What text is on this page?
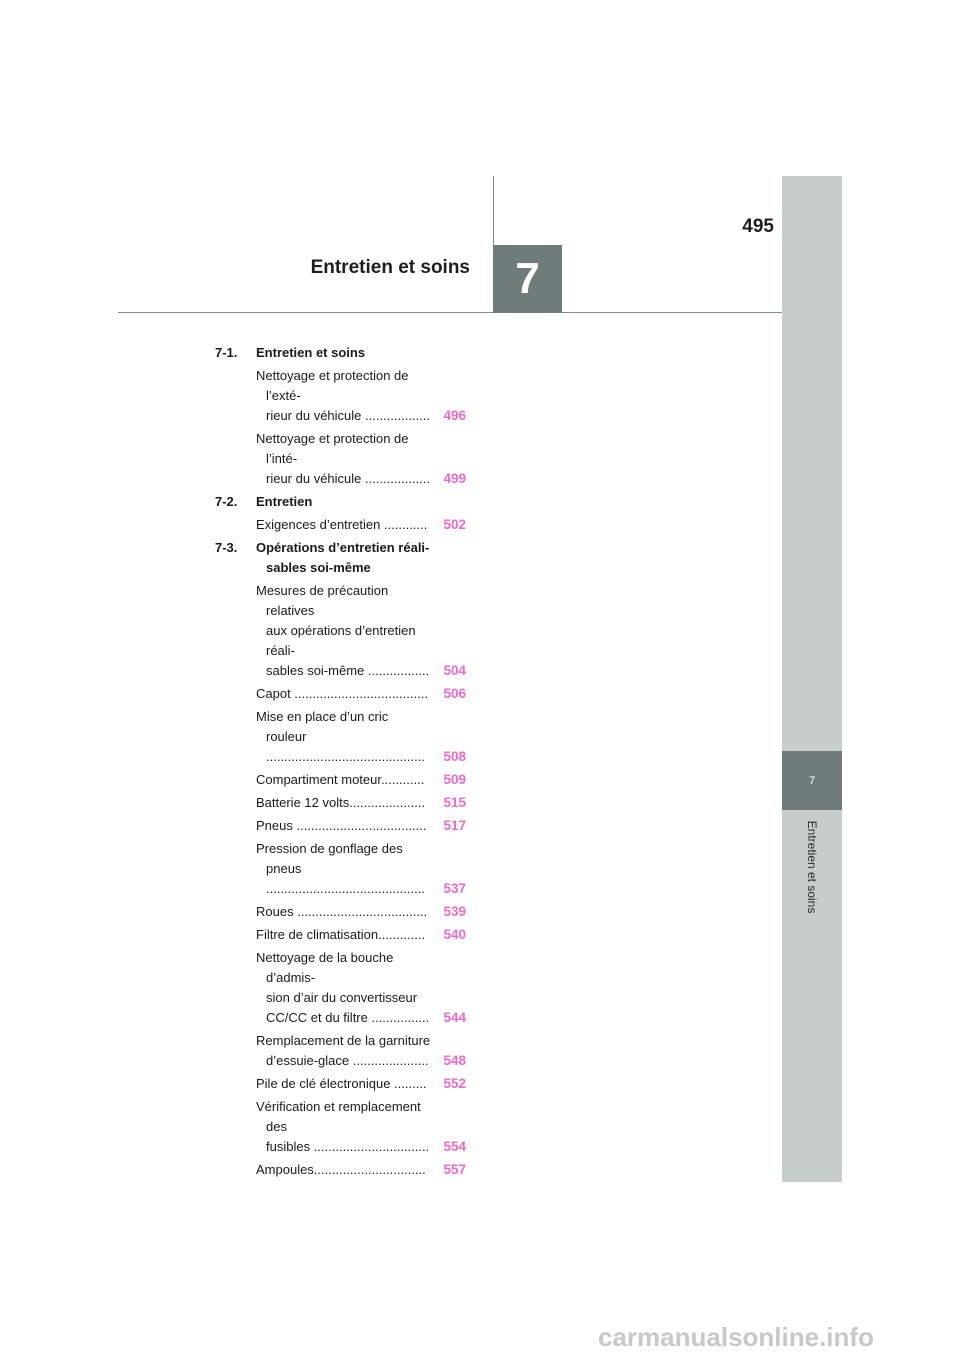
495
Entretien et soins	7
7
Entretien et soins
7-1. Entretien et soins
Nettoyage et protection de l’exté-
rieur du véhicule .................. 496
Nettoyage et protection de l’inté-
rieur du véhicule .................. 499
7-2. Entretien
Exigences d’entretien ............	502
7-3. Opérations d’entretien réali-
sables soi-même
Mesures de précaution relatives
aux opérations d’entretien réali-
sables soi-même .................	504
Capot .....................................	506
Mise en place d’un cric rouleur
............................................	508
Compartiment moteur............	509
Batterie 12 volts.....................	515
Pneus ....................................	517
Pression de gonflage des pneus
............................................	537
Roues ....................................	539
Filtre de climatisation.............	540
Nettoyage de la bouche d’admis-
sion d’air du convertisseur
CC/CC et du filtre ................	544
Remplacement de la garniture
d’essuie-glace .....................	548
Pile de clé électronique .........	552
Vérification et remplacement des
fusibles ................................	554
Ampoules...............................	557
carmanualsonline.info
